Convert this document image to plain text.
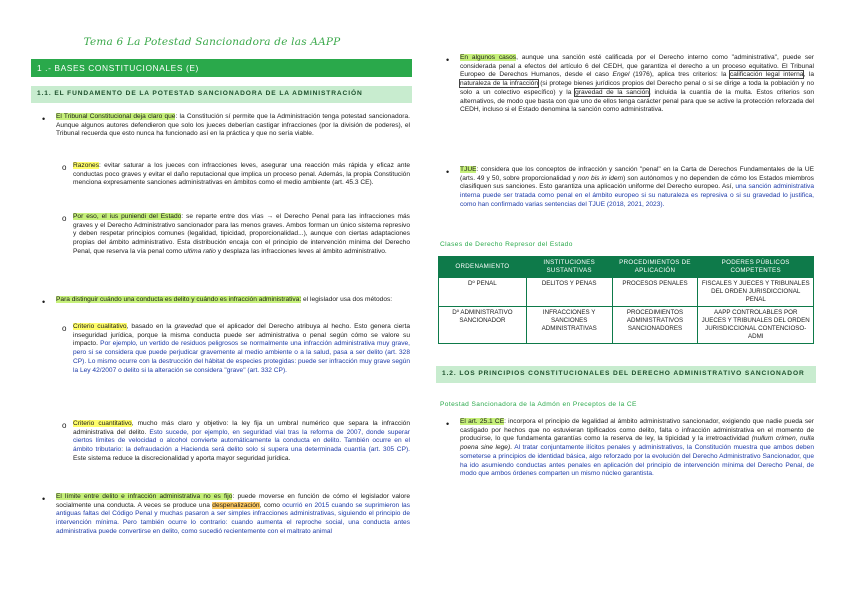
Tema 6 La Potestad Sancionadora de las AAPP
1 .- BASES CONSTITUCIONALES (E)
1.1. EL FUNDAMENTO DE LA POTESTAD SANCIONADORA DE LA ADMINISTRACIÓN
•	El Tribunal Constitucional deja claro que: la Constitución sí permite que la Administración tenga potestad sancionadora. Aunque algunos autores defendieron que solo los jueces deberían castigar infracciones (por la división de poderes), el Tribunal recuerda que esto nunca ha funcionado así en la práctica y que no sería viable.

o Razones: evitar saturar a los jueces con infracciones leves, asegurar una reacción más rápida y eficaz ante conductas poco graves y evitar el daño reputacional que implica un proceso penal. Además, la propia Constitución menciona expresamente sanciones administrativas en ámbitos como el medio ambiente (art. 45.3 CE).

o Por eso, el ius puniendi del Estado: se reparte entre dos vías → el Derecho Penal para las infracciones más graves y el Derecho Administrativo sancionador para las menos graves. Ambos forman un único sistema represivo y deben respetar principios comunes (legalidad, tipicidad, proporcionalidad...), aunque con ciertas adaptaciones propias del ámbito administrativo. Esta distribución encaja con el principio de intervención mínima del Derecho Penal, que reserva la vía penal como ultima ratio y desplaza las infracciones leves al ámbito administrativo.

•	Para distinguir cuándo una conducta es delito y cuándo es infracción administrativa: el legislador usa dos métodos:

o Criterio cualitativo, basado en la gravedad que el aplicador del Derecho atribuya al hecho. Esto genera cierta inseguridad jurídica, porque la misma conducta puede ser administrativa o penal según cómo se valore su impacto. Por ejemplo, un vertido de residuos peligrosos se normalmente una infracción administrativa muy grave, pero si se considera que puede perjudicar gravemente al medio ambiente o a la salud, pasa a ser delito (art. 328 CP). Lo mismo ocurre con la destrucción del hábitat de especies protegidas: puede ser infracción muy grave según la Ley 42/2007 o delito si la alteración se considera "grave" (art. 332 CP).

o Criterio cuantitativo, mucho más claro y objetivo: la ley fija un umbral numérico que separa la infracción administrativa del delito. Esto sucede, por ejemplo, en seguridad vial tras la reforma de 2007, donde superar ciertos límites de velocidad o alcohol convierte automáticamente la conducta en delito. También ocurre en el ámbito tributario: la defraudación a Hacienda será delito solo si supera una determinada cuantía (art. 305 CP). Este sistema reduce la discrecionalidad y aporta mayor seguridad jurídica.

•	El límite entre delito e infracción administrativa no es fijo: puede moverse en función de cómo el legislador valore socialmente una conducta. A veces se produce una despenalización, como ocurrió en 2015 cuando se suprimieron las antiguas faltas del Código Penal y muchas pasaron a ser simples infracciones administrativas, siguiendo el principio de intervención mínima. Pero también ocurre lo contrario: cuando aumenta el reproche social, una conducta antes administrativa puede convertirse en delito, como sucedió recientemente con el maltrato animal

•	En algunos casos, aunque una sanción esté calificada por el Derecho interno como "administrativa", puede ser considerada penal a efectos del artículo 6 del CEDH, que garantiza el derecho a un proceso equitativo. El Tribunal Europeo de Derechos Humanos, desde el caso Engel (1976), aplica tres criterios: la calificación legal interna, la naturaleza de la infracción (si protege bienes jurídicos propios del Derecho penal o si se dirige a toda la población y no solo a un colectivo específico) y la gravedad de la sanción, incluida la cuantía de la multa. Estos criterios son alternativos, de modo que basta con que uno de ellos tenga carácter penal para que se active la protección reforzada del CEDH, incluso si el Estado denomina la sanción como administrativa.

•	TJUE: considera que los conceptos de infracción y sanción "penal" en la Carta de Derechos Fundamentales de la UE (arts. 49 y 50, sobre proporcionalidad y non bis in idem) son autónomos y no dependen de cómo los Estados miembros clasifiquen sus sanciones. Esto garantiza una aplicación uniforme del Derecho europeo. Así, una sanción administrativa interna puede ser tratada como penal en el ámbito europeo si su naturaleza es represiva o si su gravedad lo justifica, como han confirmado varias sentencias del TJUE (2018, 2021, 2023).

Clases de Derecho Represor del Estado
ORDENAMIENTO	INSTITUCIONES SUSTANTIVAS	PROCEDIMIENTOS DE APLICACIÓN	PODERES PÚBLICOS COMPETENTES
Dº PENAL	DELITOS Y PENAS	PROCESOS PENALES	FISCALES Y JUECES Y TRIBUNALES DEL ORDEN JURISDICCIONAL PENAL
Dº ADMINISTRATIVO SANCIONADOR	INFRACCIONES Y SANCIONES ADMINISTRATIVAS	PROCEDIMIENTOS ADMINISTRATIVOS SANCIONADORES	AAPP CONTROLABLES POR JUECES Y TRIBUNALES DEL ORDEN JURISDICCIONAL CONTENCIOSO-ADMI
1.2. LOS PRINCIPIOS CONSTITUCIONALES DEL DERECHO ADMINISTRATIVO SANCIONADOR
Potestad Sancionadora de la Admón en Preceptos de la CE
•	El art. 25.1 CE: incorpora el principio de legalidad al ámbito administrativo sancionador, exigiendo que nadie pueda ser castigado por hechos que no estuvieran tipificados como delito, falta o infracción administrativa en el momento de producirse, lo que fundamenta garantías como la reserva de ley, la tipicidad y la irretroactividad (nullum crimen, nulla poena sine lege). Al tratar conjuntamente ilícitos penales y administrativos, la Constitución muestra que ambos deben someterse a principios de identidad básica, algo reforzado por la evolución del Derecho Administrativo Sancionador, que ha ido asumiendo conductas antes penales en aplicación del principio de intervención mínima del Derecho Penal, de modo que ambos órdenes comparten un mismo núcleo garantista.
